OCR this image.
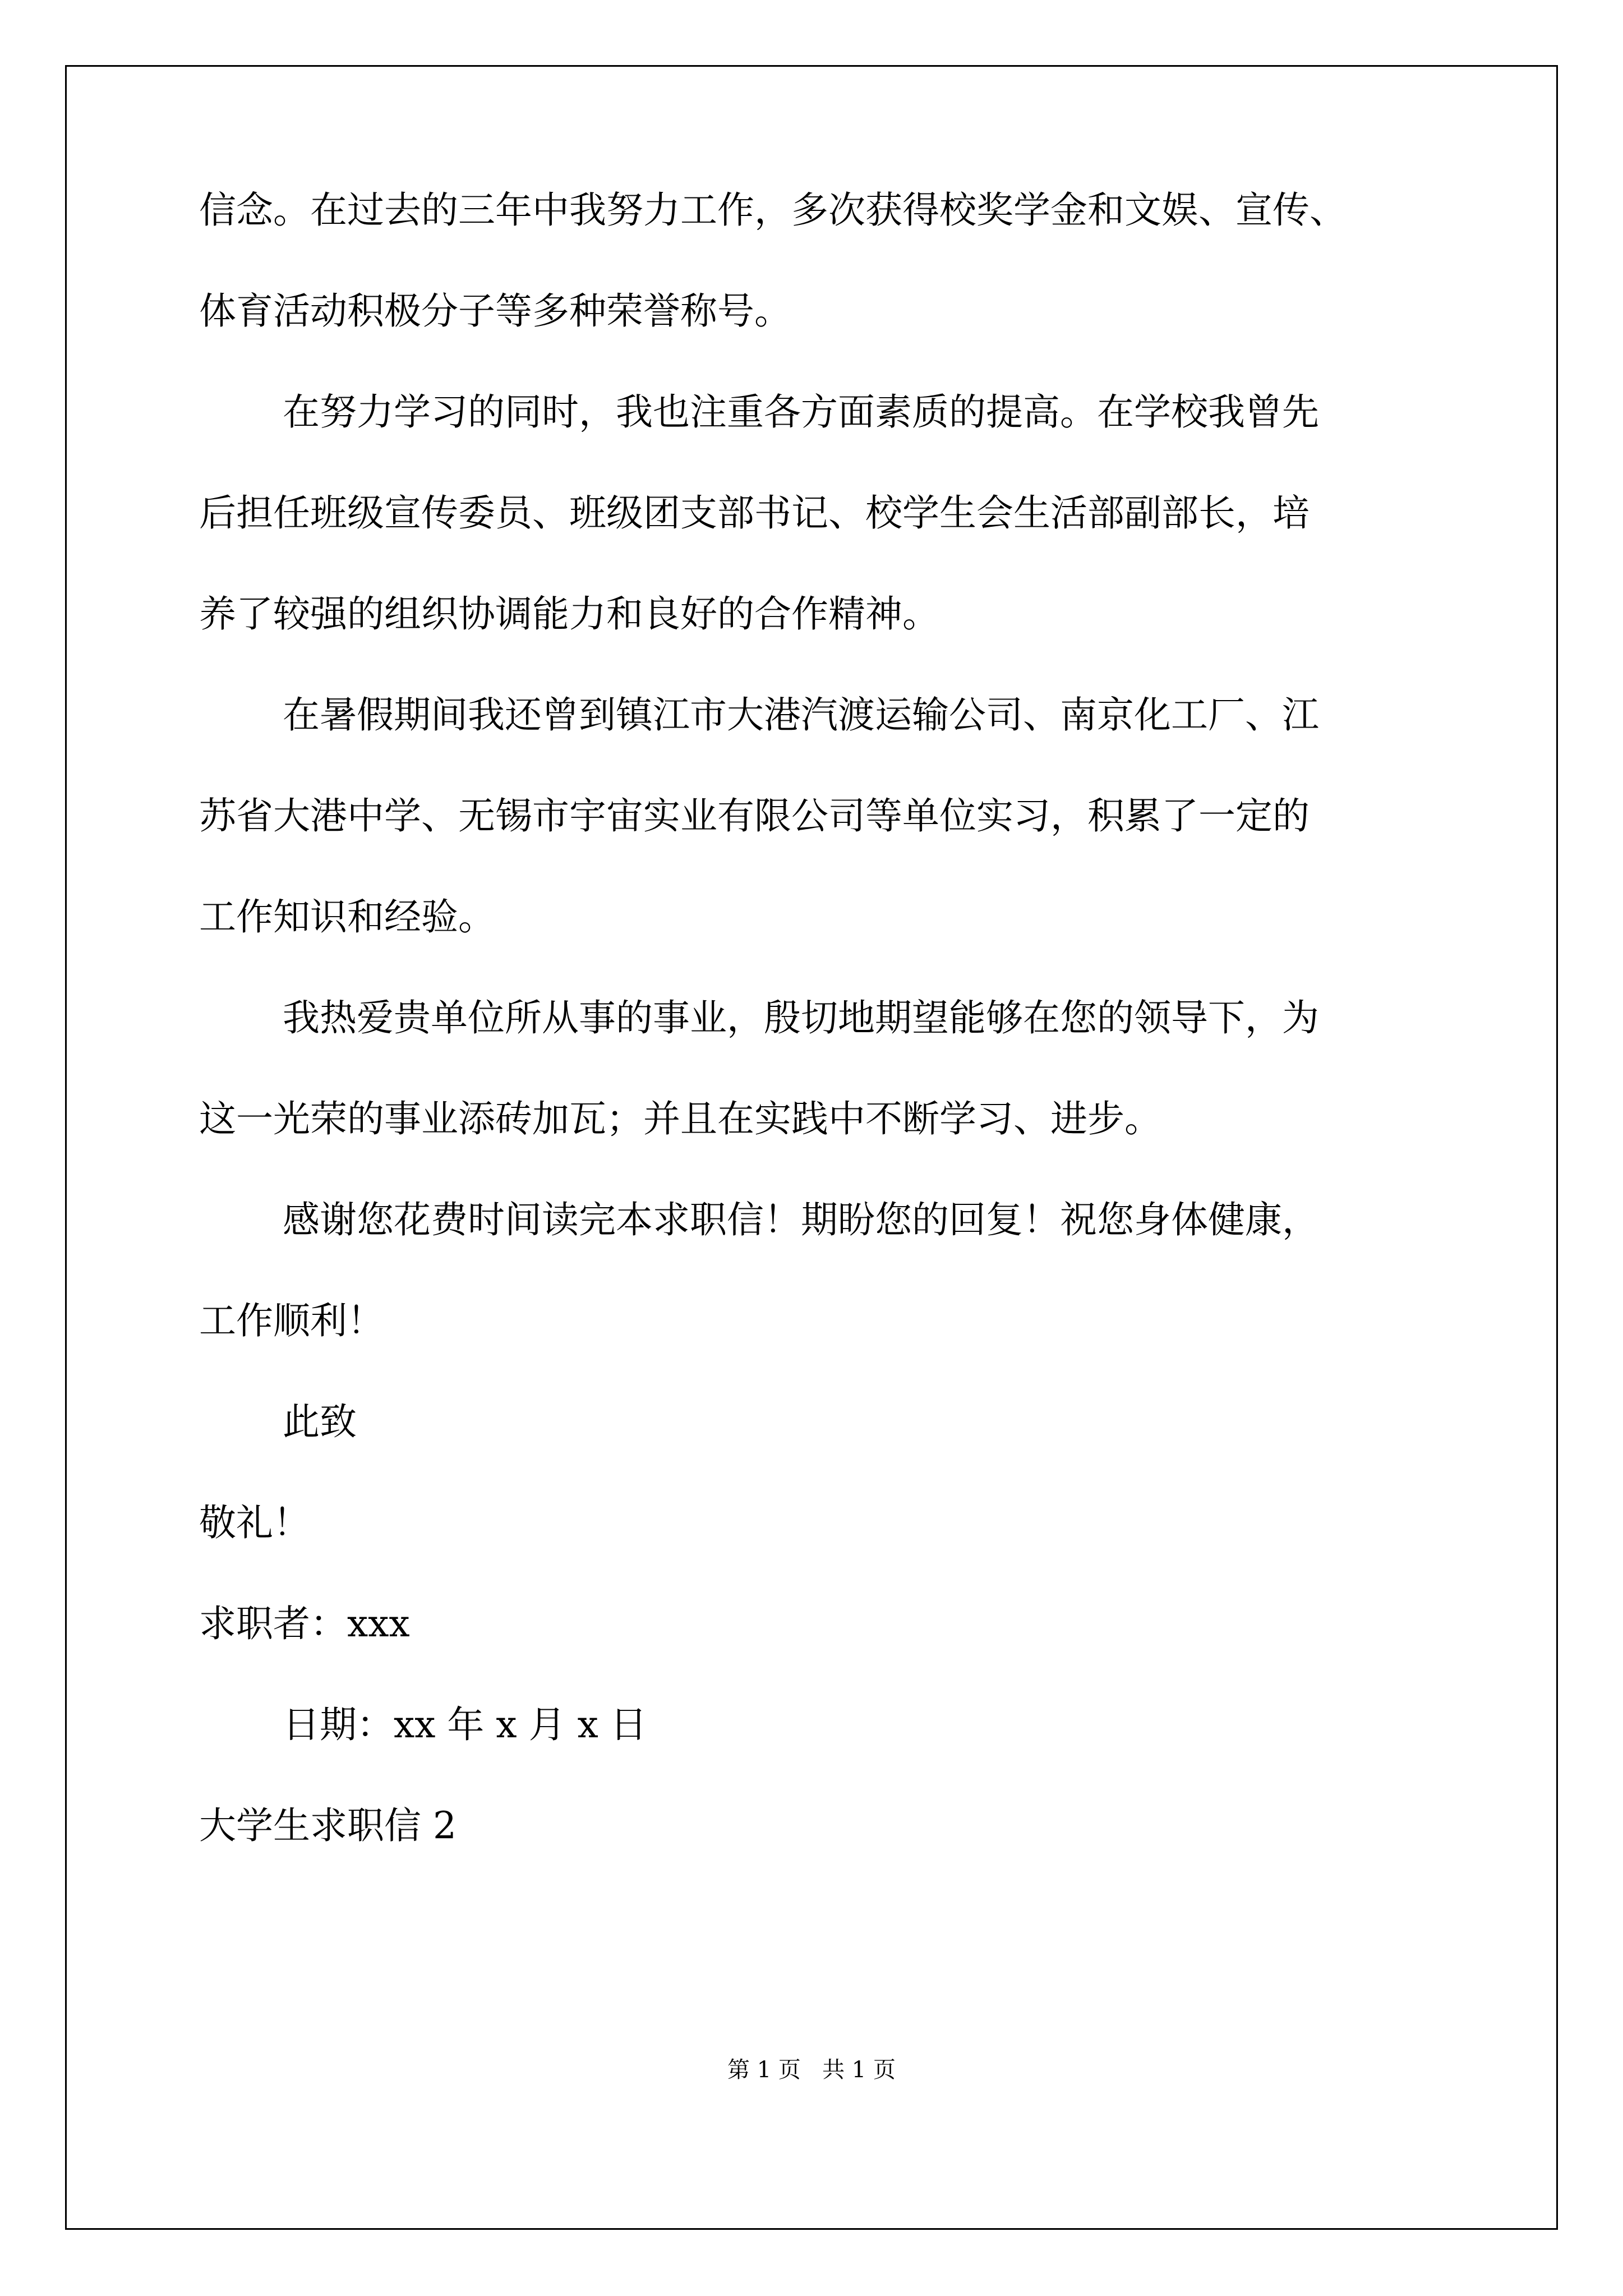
信念。在过去的三年中我努力工作，多次获得校奖学金和文娱、宣传、
体育活动积极分子等多种荣誉称号。
在努力学习的同时，我也注重各方面素质的提高。在学校我曾先
后担任班级宣传委员、班级团支部书记、校学生会生活部副部长，培
养了较强的组织协调能力和良好的合作精神。
在暑假期间我还曾到镇江市大港汽渡运输公司、南京化工厂、江
苏省大港中学、无锡市宇宙实业有限公司等单位实习，积累了一定的
工作知识和经验。
我热爱贵单位所从事的事业，殷切地期望能够在您的领导下，为
这一光荣的事业添砖加瓦；并且在实践中不断学习、进步。
感谢您花费时间读完本求职信！期盼您的回复！祝您身体健康，
工作顺利！
此致
敬礼！
求职者：xxx
日期：xx 年 x 月 x 日
大学生求职信 2
第 1 页   共 1 页
